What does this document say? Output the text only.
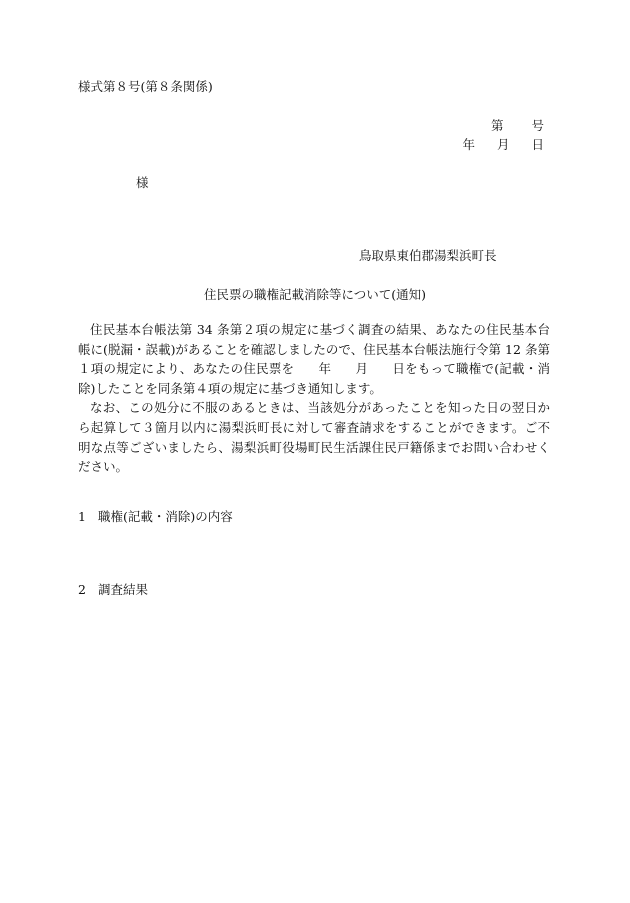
様式第８号(第８条関係)
第 号
年 月 日
様
鳥取県東伯郡湯梨浜町長
住民票の職権記載消除等について(通知)

住民基本台帳法第 34 条第２項の規定に基づく調査の結果、あなたの住民基本台帳に(脱漏・誤載)があることを確認しましたので、住民基本台帳法施行令第 12 条第１項の規定により、あなたの住民票を 年 月 日をもって職権で(記載・消除)したことを同条第４項の規定に基づき通知します。

なお、この処分に不服のあるときは、当該処分があったことを知った日の翌日から起算して３箇月以内に湯梨浜町長に対して審査請求をすることができます。ご不明な点等ございましたら、湯梨浜町役場町民生活課住民戸籍係までお問い合わせください。

1 職権(記載・消除)の内容
2 調査結果
